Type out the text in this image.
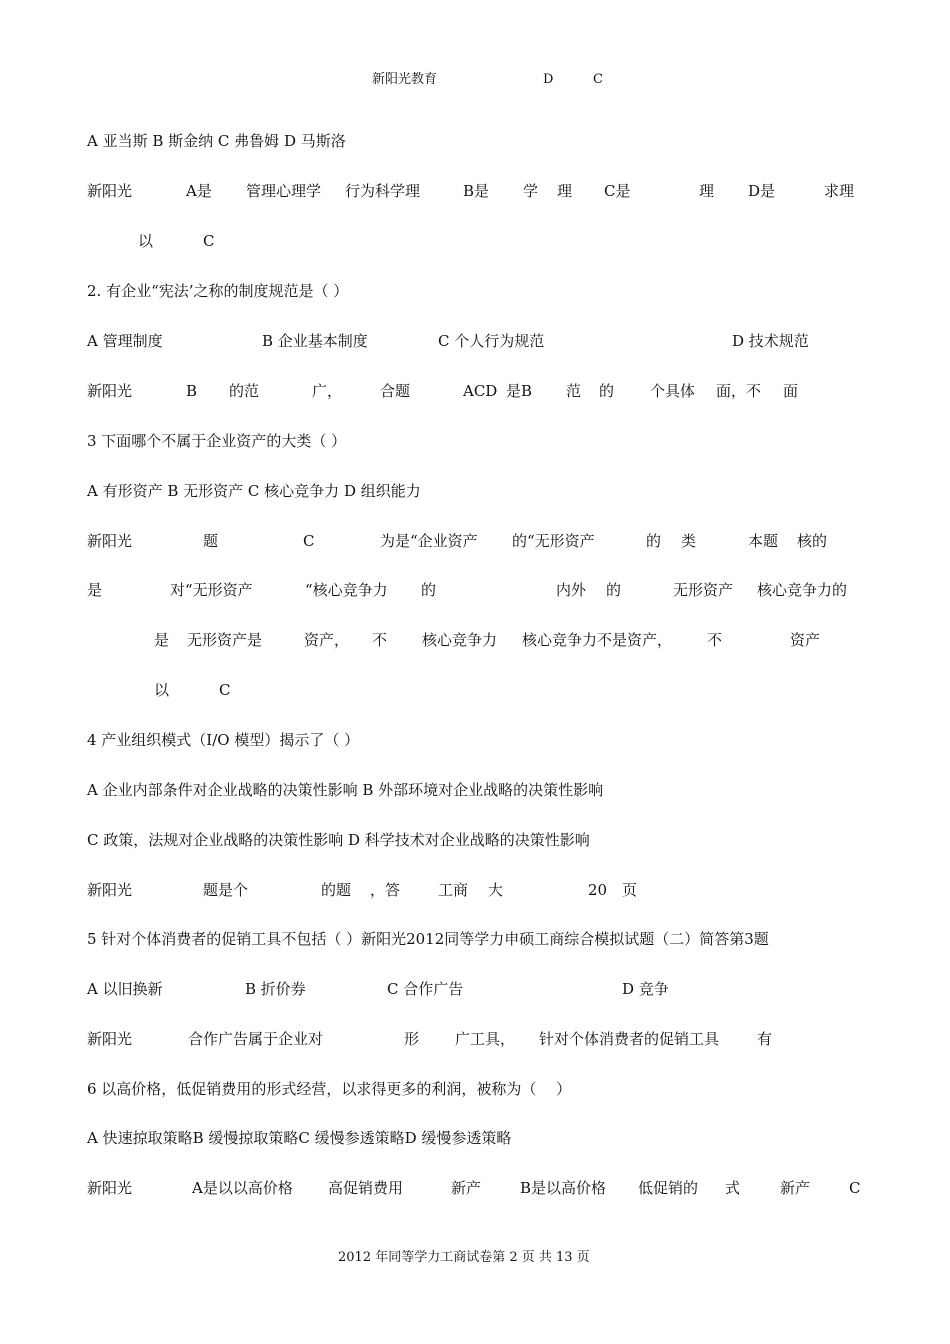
新阳光教育	D	C
A 亚当斯 B 斯金纳 C 弗鲁姆 D 马斯洛
新阳光	A是 管理心理学 行为科学理	B是 学 理 C是	理 D是	求理
以	C
2. 有企业“宪法’之称的制度规范是（ ）
A 管理制度	B 企业基本制度	C 个人行为规范	D 技术规范
新阳光	B 的范	广，	合题	ACD 是B 范 的 个具体 面，不 面
3 下面哪个不属于企业资产的大类（ ）
A 有形资产 B 无形资产 C 核心竞争力 D 组织能力
新阳光	题	C	为是“企业资产 的“无形资产	的 类	本题 核的
是	对“无形资产	“核心竞争力 的	内外 的	无形资产 核心竞争力的
是 无形资产是	资产， 不 核心竞争力 核心竞争力不是资产， 不	资产
以	C
4 产业组织模式（I/O 模型）揭示了（ ）
A 企业内部条件对企业战略的决策性影响 B 外部环境对企业战略的决策性影响
C 政策，法规对企业战略的决策性影响 D 科学技术对企业战略的决策性影响
新阳光	题是个	的题 ，答	工商 大	20 页
5 针对个体消费者的促销工具不包括（ ）新阳光2012同等学力申硕工商综合模拟试题（二）简答第3题
A 以旧换新	B 折价券	C 合作广告	D 竞争
新阳光	合作广告属于企业对	形 广工具， 针对个体消费者的促销工具	有
6 以高价格，低促销费用的形式经营，以求得更多的利润，被称为（　 ）
A 快速掠取策略B 缓慢掠取策略C 缓慢参透策略D 缓慢参透策略
新阳光	A是以以高价格 高促销费用	新产	B是以高价格 低促销的 式	新产	C
2012 年同等学力工商试卷第 2 页 共 13 页
